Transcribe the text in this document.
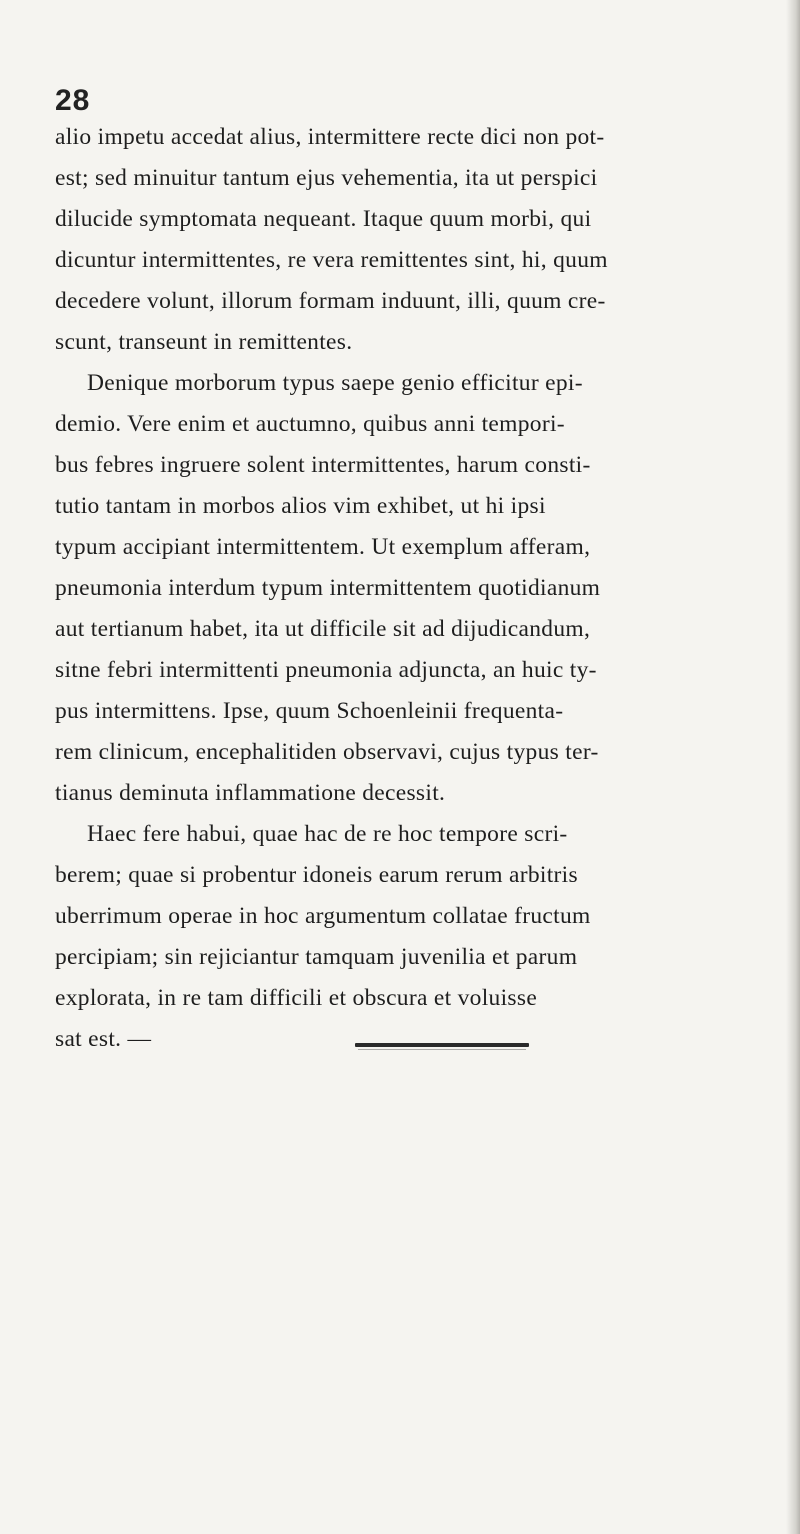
28

alio impetu accedat alius, intermittere recte dici non pot-
est; sed minuitur tantum ejus vehementia, ita ut perspici
dilucide symptomata nequeant. Itaque quum morbi, qui
dicuntur intermittentes, re vera remittentes sint, hi, quum
decedere volunt, illorum formam induunt, illi, quum cre-
scunt, transeunt in remittentes.
Denique morborum typus saepe genio efficitur epi-
demio. Vere enim et auctumno, quibus anni tempori-
bus febres ingruere solent intermittentes, harum consti-
tutio tantam in morbos alios vim exhibet, ut hi ipsi
typum accipiant intermittentem. Ut exemplum afferam,
pneumonia interdum typum intermittentem quotidianum
aut tertianum habet, ita ut difficile sit ad dijudicandum,
sitne febri intermittenti pneumonia adjuncta, an huic ty-
pus intermittens. Ipse, quum Schoenleinii frequenta-
rem clinicum, encephalitiden observavi, cujus typus ter-
tianus deminuta inflammatione decessit.
Haec fere habui, quae hac de re hoc tempore scri-
berem; quae si probentur idoneis earum rerum arbitris
uberrimum operae in hoc argumentum collatae fructum
percipiam; sin rejiciantur tamquam juvenilia et parum
explorata, in re tam difficili et obscura et voluisse
sat est. —
